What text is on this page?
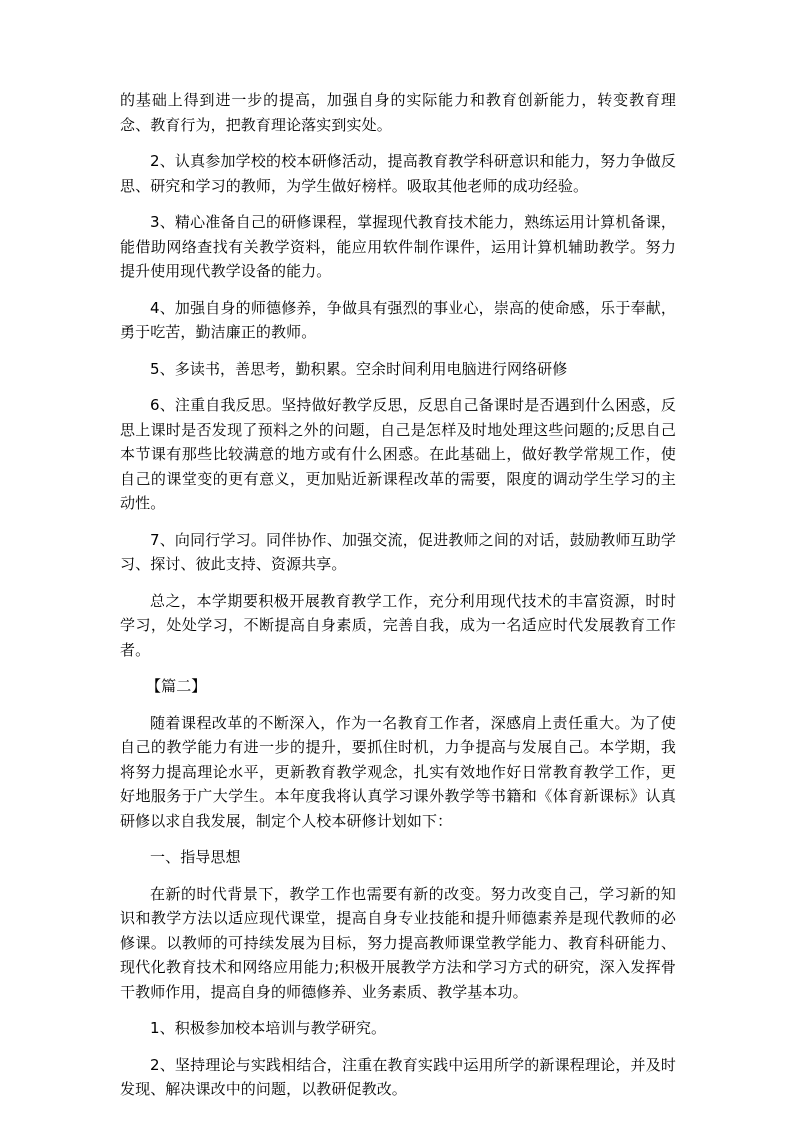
的基础上得到进一步的提高，加强自身的实际能力和教育创新能力，转变教育理念、教育行为，把教育理论落实到实处。

2、认真参加学校的校本研修活动，提高教育教学科研意识和能力，努力争做反思、研究和学习的教师，为学生做好榜样。吸取其他老师的成功经验。

3、精心准备自己的研修课程，掌握现代教育技术能力，熟练运用计算机备课，能借助网络查找有关教学资料，能应用软件制作课件，运用计算机辅助教学。努力提升使用现代教学设备的能力。

4、加强自身的师德修养，争做具有强烈的事业心，崇高的使命感，乐于奉献，勇于吃苦，勤洁廉正的教师。

5、多读书，善思考，勤积累。空余时间利用电脑进行网络研修

6、注重自我反思。坚持做好教学反思，反思自己备课时是否遇到什么困惑，反思上课时是否发现了预料之外的问题，自己是怎样及时地处理这些问题的;反思自己本节课有那些比较满意的地方或有什么困惑。在此基础上，做好教学常规工作，使自己的课堂变的更有意义，更加贴近新课程改革的需要，限度的调动学生学习的主动性。

7、向同行学习。同伴协作、加强交流，促进教师之间的对话，鼓励教师互助学习、探讨、彼此支持、资源共享。

总之，本学期要积极开展教育教学工作，充分利用现代技术的丰富资源，时时学习，处处学习，不断提高自身素质，完善自我，成为一名适应时代发展教育工作者。

【篇二】

随着课程改革的不断深入，作为一名教育工作者，深感肩上责任重大。为了使自己的教学能力有进一步的提升，要抓住时机，力争提高与发展自己。本学期，我将努力提高理论水平，更新教育教学观念，扎实有效地作好日常教育教学工作，更好地服务于广大学生。本年度我将认真学习课外教学等书籍和《体育新课标》认真研修以求自我发展，制定个人校本研修计划如下：

一、指导思想

在新的时代背景下，教学工作也需要有新的改变。努力改变自己，学习新的知识和教学方法以适应现代课堂，提高自身专业技能和提升师德素养是现代教师的必修课。以教师的可持续发展为目标，努力提高教师课堂教学能力、教育科研能力、现代化教育技术和网络应用能力;积极开展教学方法和学习方式的研究，深入发挥骨干教师作用，提高自身的师德修养、业务素质、教学基本功。

1、积极参加校本培训与教学研究。

2、坚持理论与实践相结合，注重在教育实践中运用所学的新课程理论，并及时发现、解决课改中的问题，以教研促教改。
